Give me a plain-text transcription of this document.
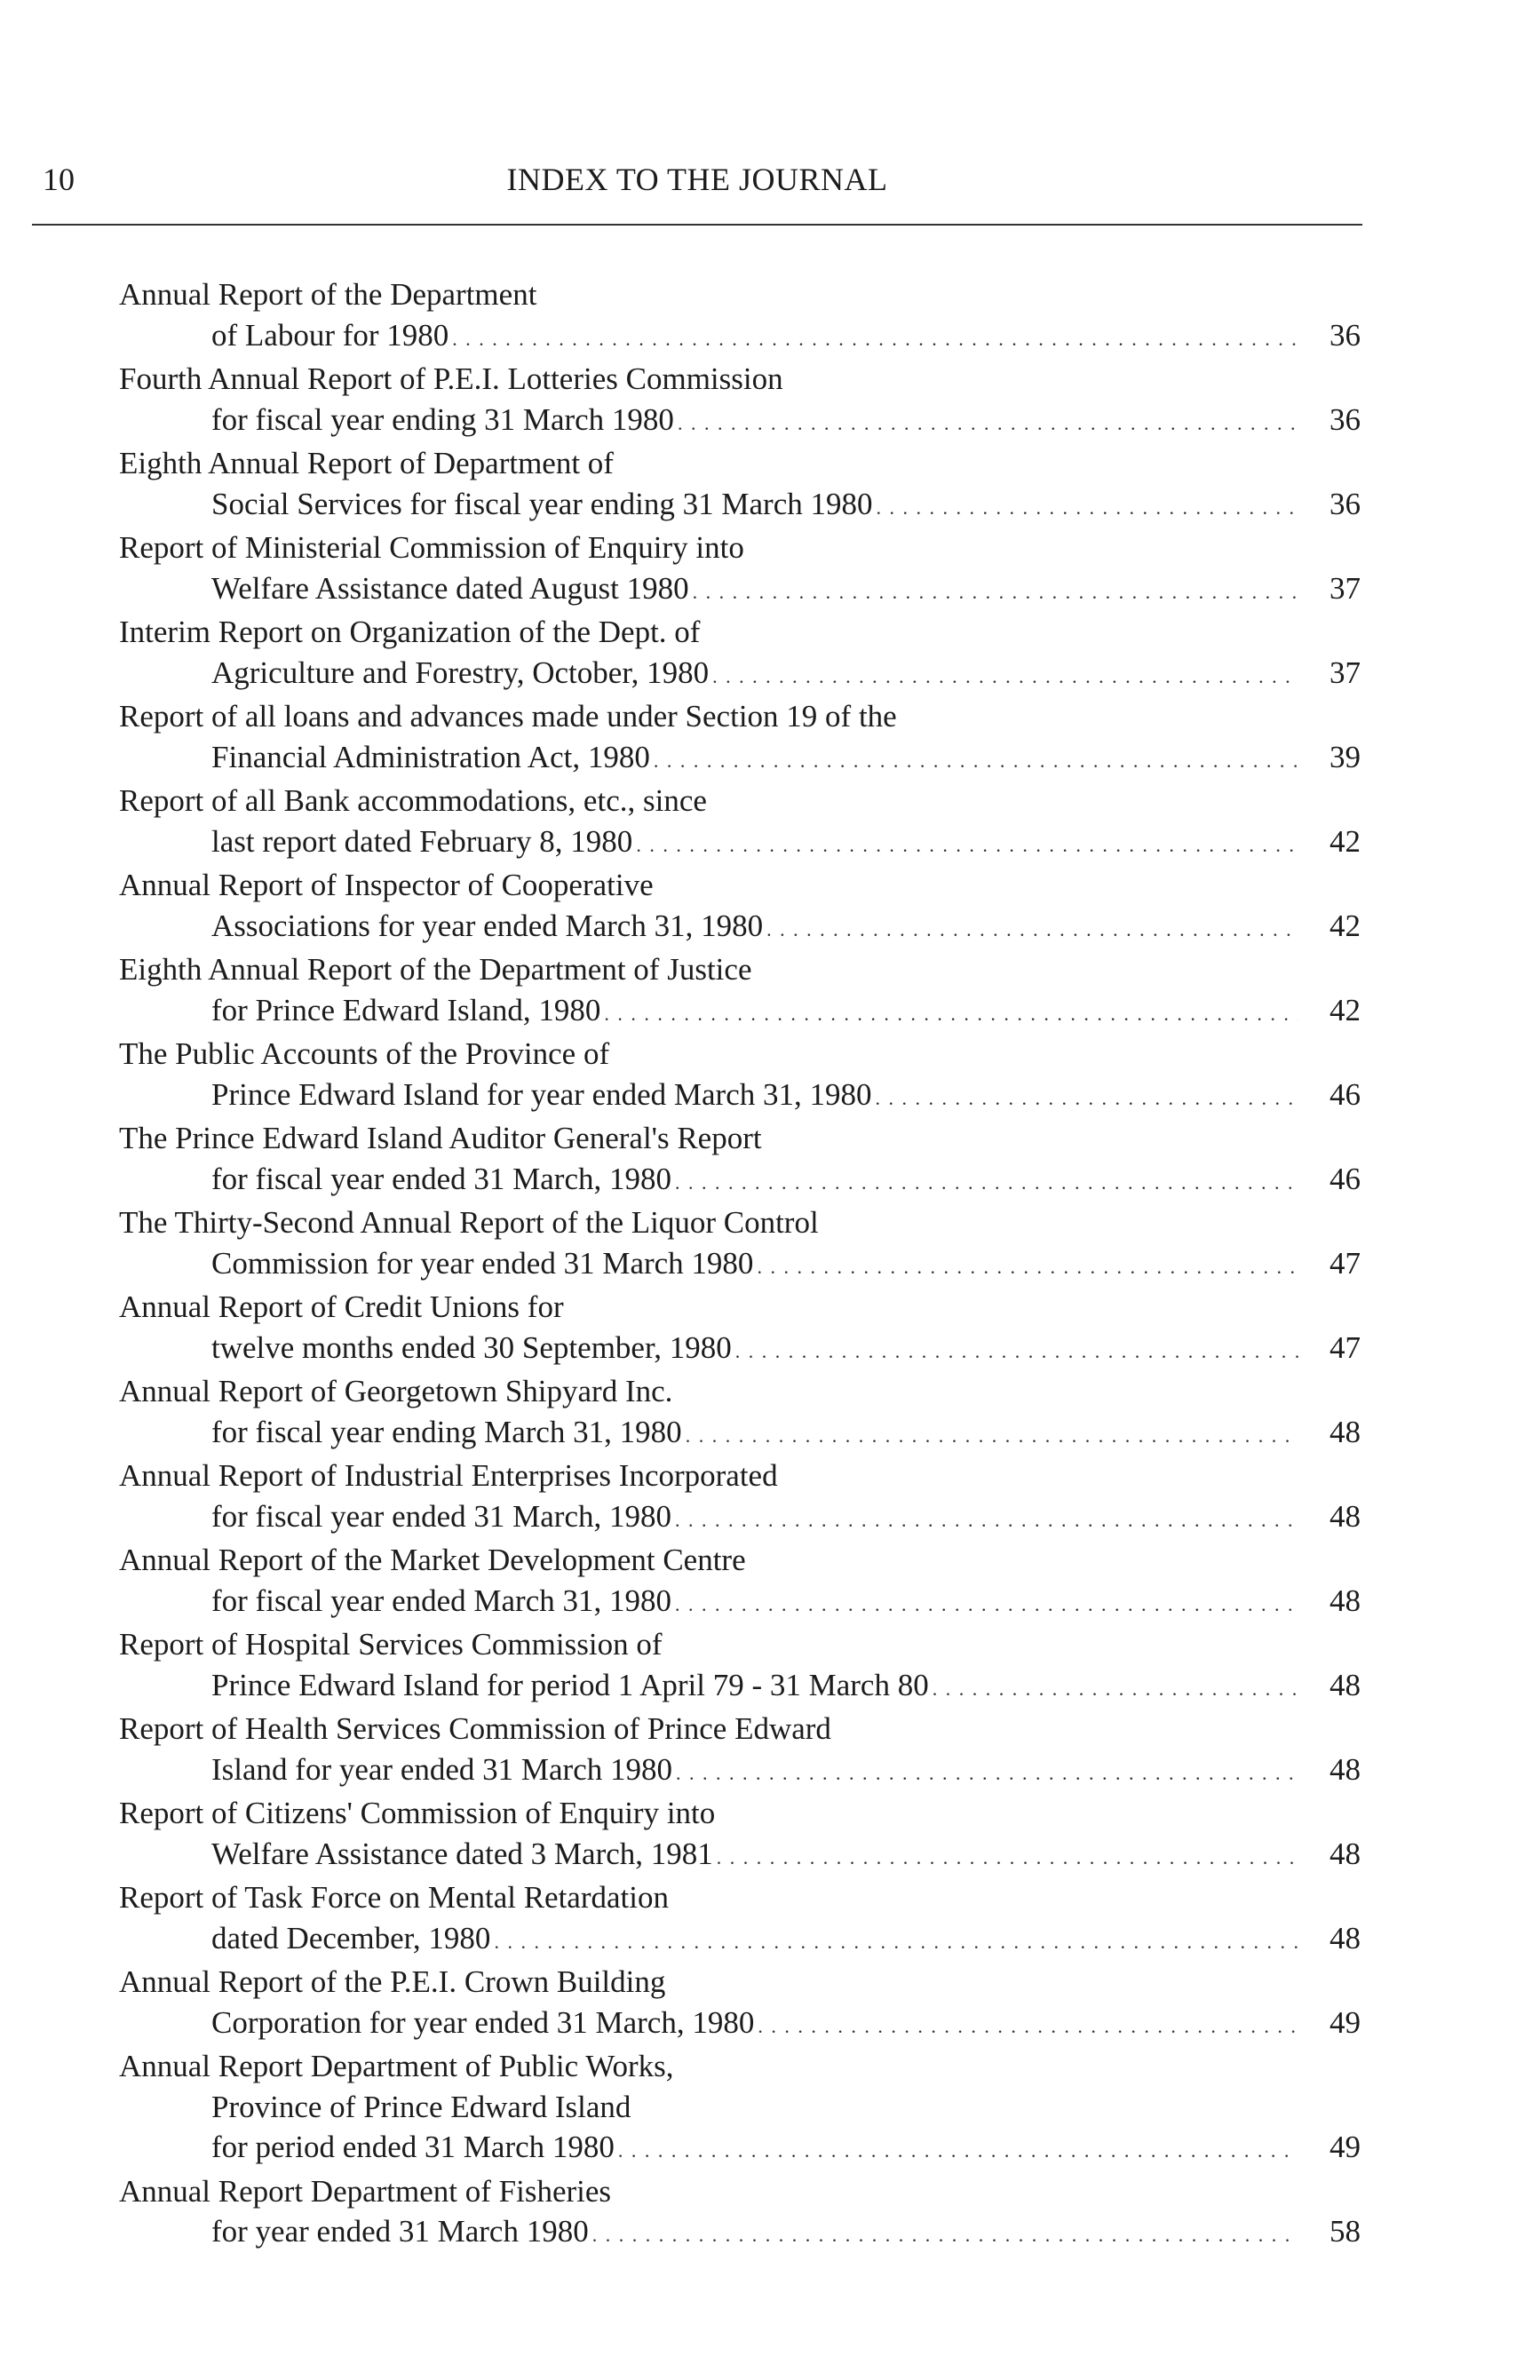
INDEX TO THE JOURNAL
10
Annual Report of the Department
of Labour for 1980 . . .	36
Fourth Annual Report of P.E.I. Lotteries Commission
for fiscal year ending 31 March 1980 . . .	36
Eighth Annual Report of Department of
Social Services for fiscal year ending 31 March 1980 . . .	36
Report of Ministerial Commission of Enquiry into
Welfare Assistance dated August 1980 . . .	37
Interim Report on Organization of the Dept. of
Agriculture and Forestry, October, 1980 . . .	37
Report of all loans and advances made under Section 19 of the
Financial Administration Act, 1980 . . .	39
Report of all Bank accommodations, etc., since
last report dated February 8, 1980 . . .	42
Annual Report of Inspector of Cooperative
Associations for year ended March 31, 1980 . . .	42
Eighth Annual Report of the Department of Justice
for Prince Edward Island, 1980 . . .	42
The Public Accounts of the Province of
Prince Edward Island for year ended March 31, 1980 . . .	46
The Prince Edward Island Auditor General's Report
for fiscal year ended 31 March, 1980 . . .	46
The Thirty-Second Annual Report of the Liquor Control
Commission for year ended 31 March 1980 . . .	47
Annual Report of Credit Unions for
twelve months ended 30 September, 1980 . . .	47
Annual Report of Georgetown Shipyard Inc.
for fiscal year ending March 31, 1980 . . .	48
Annual Report of Industrial Enterprises Incorporated
for fiscal year ended 31 March, 1980 . . .	48
Annual Report of the Market Development Centre
for fiscal year ended March 31, 1980 . . .	48
Report of Hospital Services Commission of
Prince Edward Island for period 1 April 79 - 31 March 80 . . .	48
Report of Health Services Commission of Prince Edward
Island for year ended 31 March 1980 . . .	48
Report of Citizens' Commission of Enquiry into
Welfare Assistance dated 3 March, 1981 . . .	48
Report of Task Force on Mental Retardation
dated December, 1980 . . .	48
Annual Report of the P.E.I. Crown Building
Corporation for year ended 31 March, 1980 . . .	49
Annual Report Department of Public Works,
Province of Prince Edward Island
for period ended 31 March 1980 . . .	49
Annual Report Department of Fisheries
for year ended 31 March 1980 . . .	58
